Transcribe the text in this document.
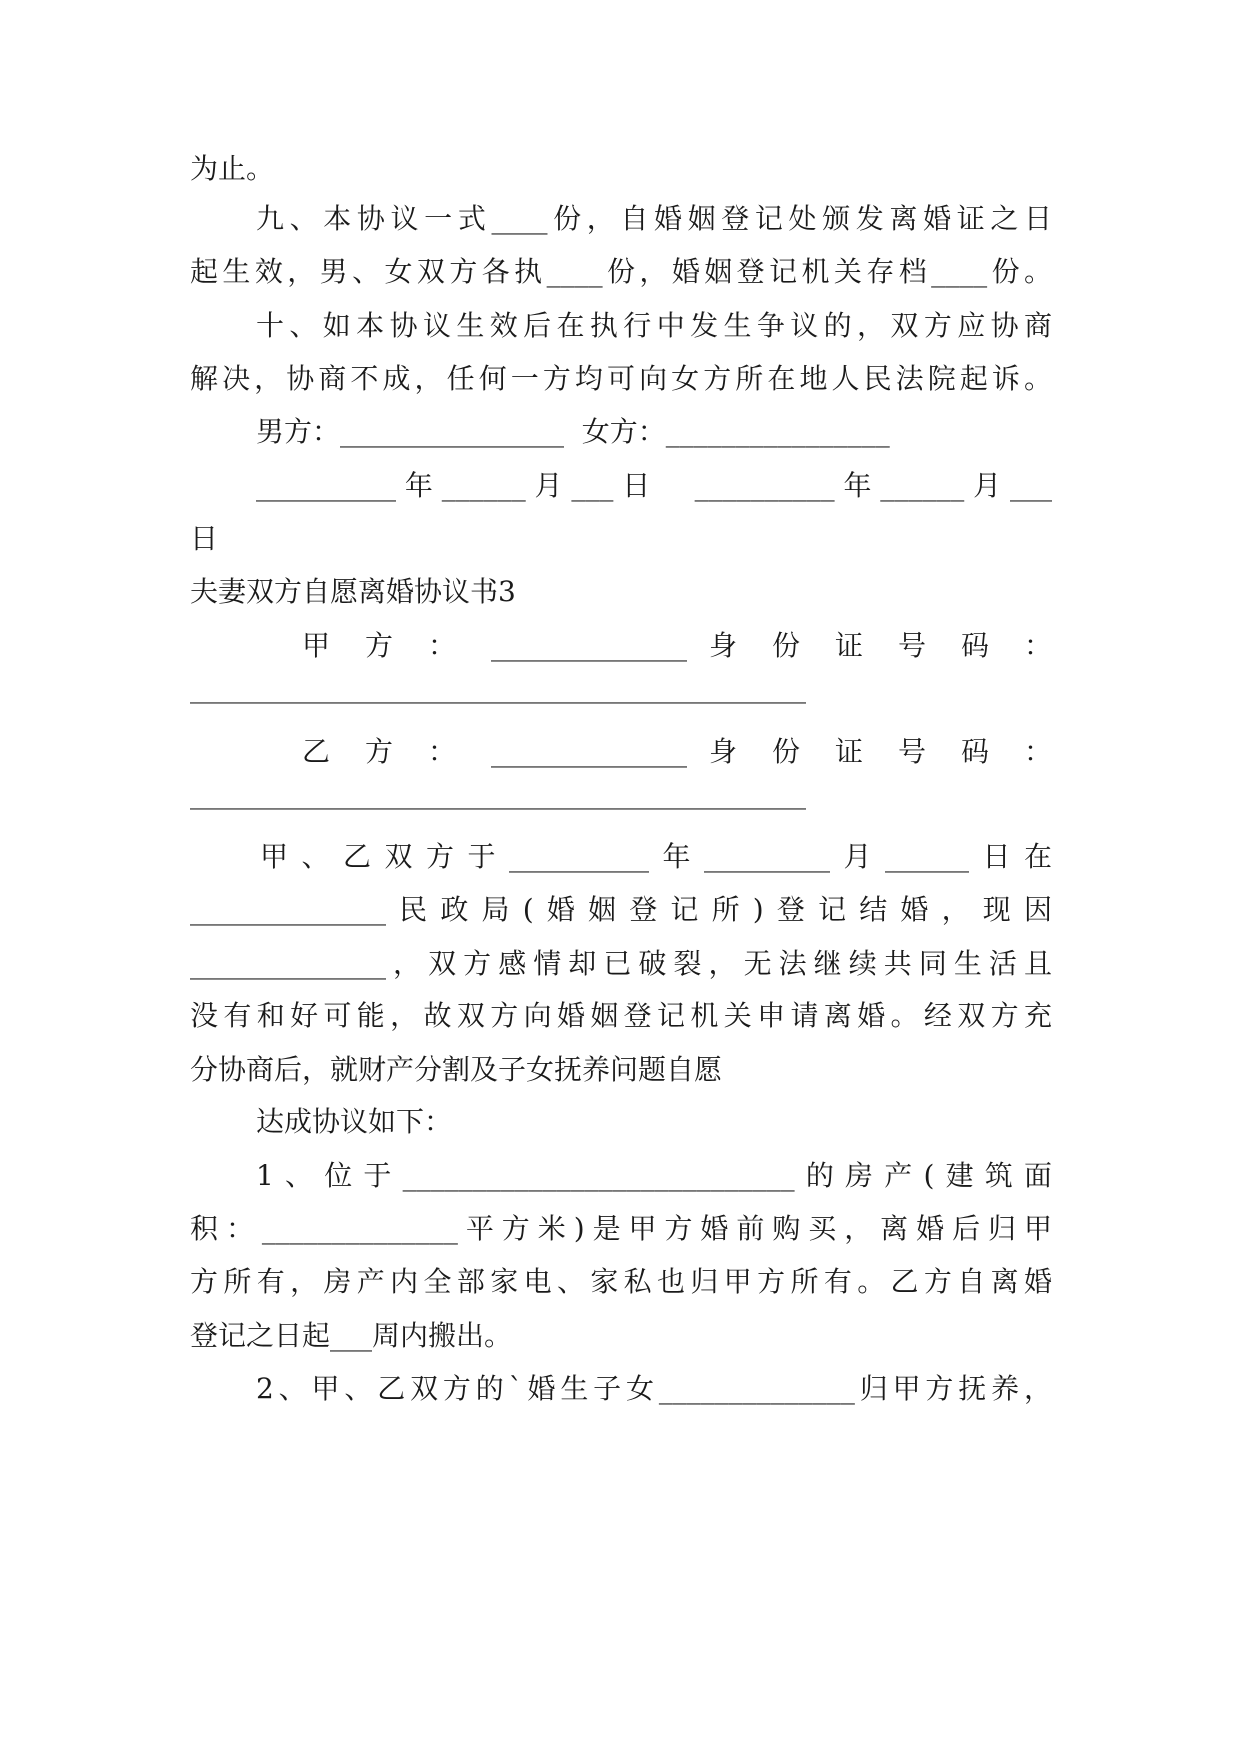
为止。
九、本协议一式____份，自婚姻登记处颁发离婚证之日
起生效，男、女双方各执____份，婚姻登记机关存档____份。
十、如本协议生效后在执行中发生争议的，双方应协商
解决，协商不成，任何一方均可向女方所在地人民法院起诉。
男方：________________  女方：________________
__________年______月___日  __________年______月___
日
夫妻双方自愿离婚协议书3
甲 方 ： ______________ 身 份 证 号 码 ：
____________________________________________
乙 方 ： ______________ 身 份 证 号 码 ：
____________________________________________
甲、乙双方于__________年_________月______日在
______________民政局(婚姻登记所)登记结婚，现因
______________，双方感情却已破裂，无法继续共同生活且
没有和好可能，故双方向婚姻登记机关申请离婚。经双方充
分协商后，就财产分割及子女抚养问题自愿
达成协议如下：
1、位于____________________________的房产(建筑面
积：______________平方米)是甲方婚前购买，离婚后归甲
方所有，房产内全部家电、家私也归甲方所有。乙方自离婚
登记之日起___周内搬出。
2、甲、乙双方的`婚生子女______________归甲方抚养，
